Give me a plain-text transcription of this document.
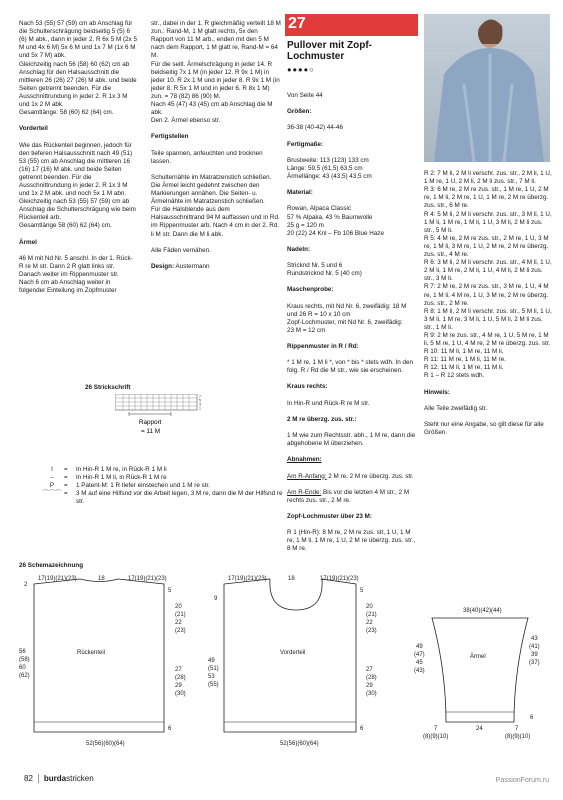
Nach 53 (55) 57 (59) cm ab Anschlag für die Schulterschrägung beidseitig 5 (5) 6 (6) M abk., dann in jeder 2. R 6x 5 M (2x 5 M und 4x 6 M) 5x 6 M und 1x 7 M (1x 6 M und 5x 7 M) abk.
Gleichzeitig nach 56 (58) 60 (62) cm ab Anschlag für den Halsausschnitt die mittleren 26 (26) 27 (26) M abk. und beide Seiten getrennt beenden. Für die Ausschnittrundung in jeder 2. R 1x 3 M und 1x 2 M abk.
Gesamtlänge: 58 (60) 62 (64) cm.

Vorderteil

Wie das Rückenteil beginnen, jedoch für den tieferen Halsausschnitt nach 49 (51) 53 (55) cm ab Anschlag die mittleren 16 (16) 17 (16) M abk. und beide Seiten getrennt beenden. Für die Ausschnittrundung in jeder 2. R 1x 3 M und 1x 2 M abk. und noch 5x 1 M abn.
Gleichzeitig nach 53 (55) 57 (59) cm ab Anschlag die Schulterschrägung wie beim Rückenteil arb.
Gesamtlänge 58 (60) 62 (64) cm.

Ärmel

46 M mit Nd Nr. 5 anschl. In der 1. Rück-R re M str. Dann 2 R glatt links str. Danach weiter im Rippenmuster str.
Nach 6 cm ab Anschlag weiter in folgender Einteilung im Zopfmuster

str., dabei in der 1. R gleichmäßig verteilt 18 M zun.: Rand-M, 1 M glatt rechts, 5x den Rapport von 11 M arb., enden mit den 5 M nach dem Rapport, 1 M glatt re, Rand-M = 64 M.
Für die seitl. Ärmelschrägung in jeder 14. R beidseitig 7x 1 M (in jeder 12. R 9x 1 M) in jeder 10. R 2x 1 M und in jeder 8. R 9x 1 M (in jeder 8. R 5x 1 M und in jeder 6. R 8x 1 M) zun. = 78 (82) 86 (90) M.
Nach 45 (47) 43 (45) cm ab Anschlag die M abk.
Den 2. Ärmel ebenso str.

Fertigstellen

Teile spannen, anfeuchten und trocknen lassen.

Schulternähte im Matratzenstich schließen. Die Ärmel leicht gedehnt zwischen den Markierungen annähen. Die Seiten- u. Ärmelnähte im Matratzenstich schließen.
Für die Halsblende aus dem Halsausschnittrand 94 M auffassen und in Rd. im Rippenmuster arb. Nach 4 cm in der 2. Rd. li M str. Dann die M li abk.

Alle Fäden vernähen.

Design: Austermann

27
Pullover mit Zopf-Lochmuster
●●●●○

Von Seite 44

Größen:

36-38 (40-42) 44-46

Fertigmaße:

Brustweite: 113 (123) 133 cm
Länge: 59,5 (61,5) 63,5 cm
Ärmellänge: 43 (43,5) 43,5 cm

Material:

Rowan, Alpaca Classic
57 % Alpaka, 43 % Baumwolle
25 g = 120 m
20 (22) 24 Knl – Fb 106 Blue Haze

Nadeln:

Stricknd Nr. 5 und 6
Rundstricknd Nr. 5 (40 cm)

Maschenprobe:

Kraus rechts, mit Nd Nr. 6, zweifädig: 18 M und 26 R = 10 x 10 cm
Zopf-Lochmuster, mit Nd Nr. 6, zweifädig:
23 M = 12 cm

Rippenmuster in R / Rd:

* 1 M re, 1 M li *, von * bis * stets wdh. In den folg. R / Rd die M str., wie sie erscheinen.

Kraus rechts:

In Hin-R und Rück-R re M str.

2 M re überzg. zus. str.:

1 M wie zum Rechtsstr. abh., 1 M re, dann die abgehobene M überziehen.

Abnahmen:

Am R-Anfang: 2 M re, 2 M re überzg. zus. str.

Am R-Ende: Bis vor die letzten 4 M str., 2 M rechts zus. str., 2 M re.

Zopf-Lochmuster über 23 M:

R 1 (Hin-R): 8 M re, 2 M re zus. str, 1 U, 1 M re, 1 M li, 1 M re, 1 U, 2 M re überzg. zus. str., 8 M re.

R 2: 7 M li, 2 M li verschr. zus. str., 2 M li, 1 U, 1 M re, 1 U, 2 M li, 2 M li zus. str., 7 M li.
R 3: 6 M re, 2 M re zus. str., 1 M re, 1 U, 2 M re, 1 M li, 2 M re, 1 U, 1 M re, 2 M re überzg. zus. str., 6 M re.
R 4: 5 M li, 2 M li verschr. zus. str., 3 M li, 1 U, 1 M li, 1 M re, 1 M li, 1 U, 3 M li, 2 M li zus. str., 5 M li.
R 5: 4 M re, 2 M re zus. str., 2 M re, 1 U, 3 M re, 1 M li, 3 M re, 1 U, 2 M re, 2 M re überzg. zus. str., 4 M re.
R 6: 3 M li, 2 M li verschr. zus. str., 4 M li, 1 U, 2 M li, 1 M re, 2 M li, 1 U, 4 M li, 2 M li zus. str., 3 M li.
R 7: 2 M re, 2 M re zus. str., 3 M re, 1 U, 4 M re, 1 M li, 4 M re, 1 U, 3 M re, 2 M re überzg. zus. str., 2 M re.
R 8: 1 M li, 2 M li verschr. zus. str., 5 M li, 1 U, 3 M li, 1 M re, 3 M li, 1 U, 5 M li, 2 M li zus. str., 1 M li.
R 9: 2 M re zus. str., 4 M re, 1 U, 5 M re, 1 M li, 5 M re, 1 U, 4 M re, 2 M re überzg. zus. str.
R 10: 11 M li, 1 M re, 11 M li.
R 11: 11 M re, 1 M li, 11 M re.
R 12: 11 M li, 1 M re, 11 M li.
R 1 – R 12 stets wdh.

Hinweis:

Alle Teile zweifädig str.

Steht nur eine Angabe, so gilt diese für alle Größen.

26 Strickschrift
7
5
3
1
Rapport
= 11 M
I	=	In Hin-R 1 M re, in Rück-R 1 M li
–	=	In Hin-R 1 M li, in Rück-R 1 M re
P	=	1 Patent-M: 1 R tiefer einstechen und 1 M re str.
⌒⌒⌒ =	3 M auf eine Hilfsnd vor die Arbeit legen, 3 M re, dann die M der Hilfsnd re str.
26 Schemazeichnung
Rückenteil
17(19)(21)(23)	18	17(19)(21)(23)
2
5
20
(21)
22
(23)
27
(28)
29
(30)
6
56
(58)
60
(62)
52(56)(60)(64)
Vorderteil
17(19)(21)(23)	18	17(19)(21)(23)
9
5
20
(21)
22
(23)
27
(28)
29
(30)
6
49
(51)
53
(55)
52(56)(60)(64)
Ärmel
38(40)(42)(44)
49
(47)
45
(43)
43
(41)
39
(37)
6
7	24	7
(8)(9)(10)	(8)(9)(10)
82 burdastricken	PassionForum.ru
